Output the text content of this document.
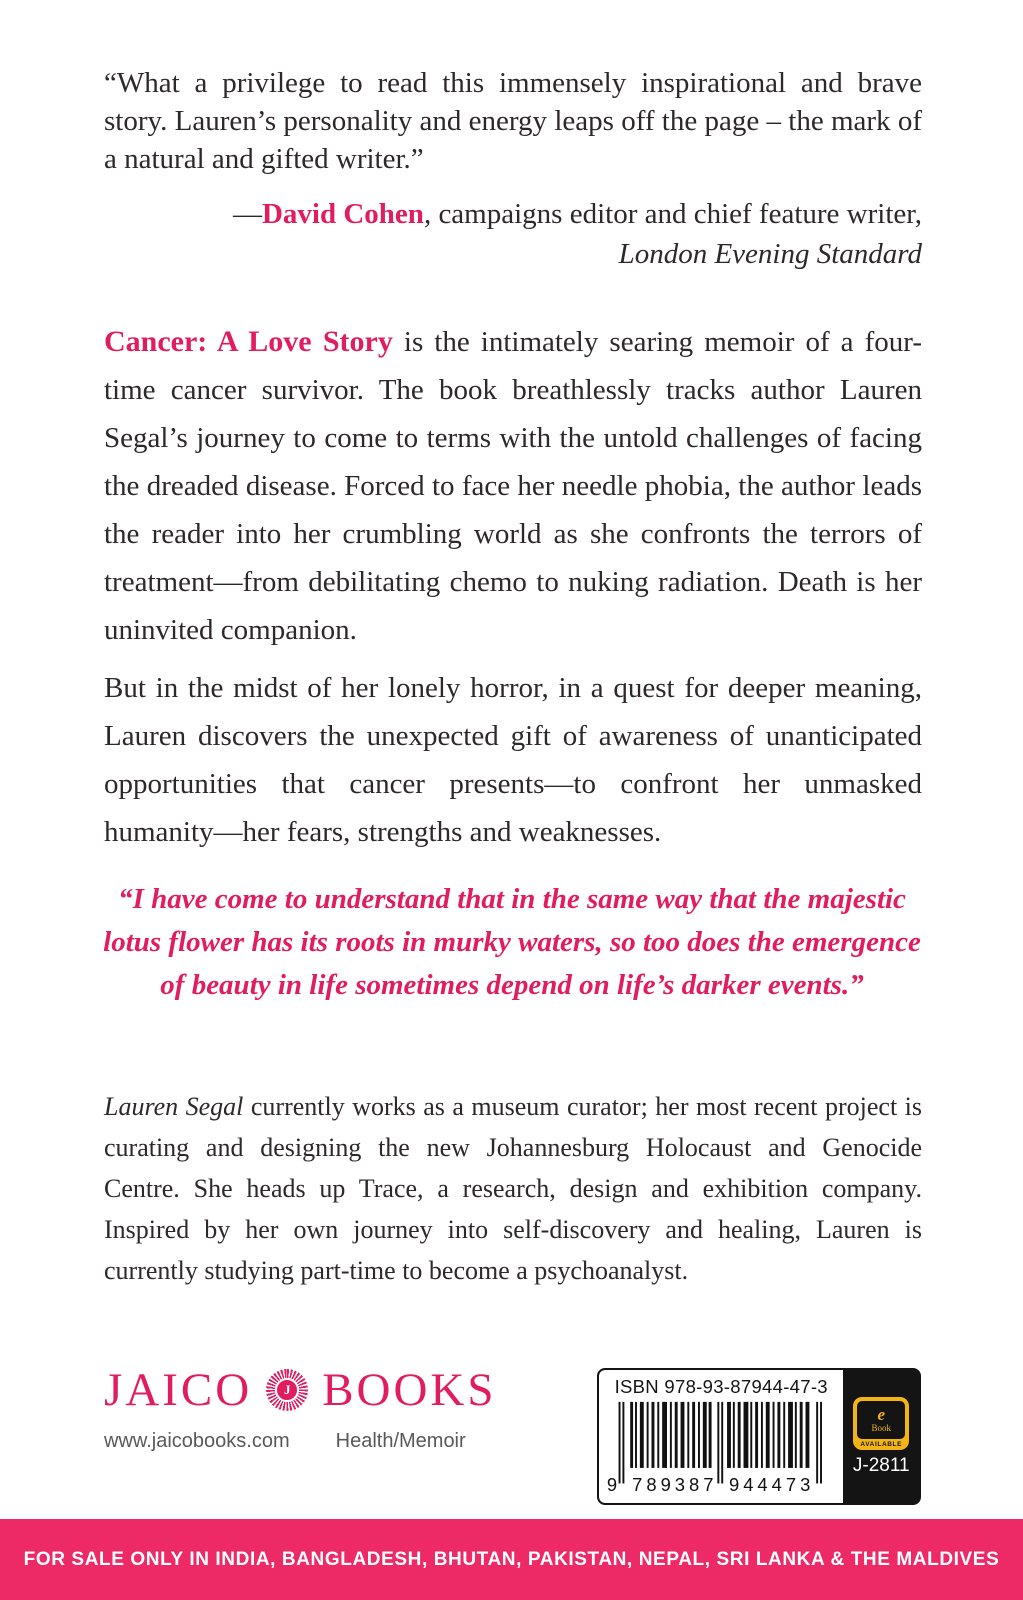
“What a privilege to read this immensely inspirational and brave story. Lauren’s personality and energy leaps off the page – the mark of a natural and gifted writer.”

—David Cohen, campaigns editor and chief feature writer,

London Evening Standard

Cancer: A Love Story is the intimately searing memoir of a four-time cancer survivor. The book breathlessly tracks author Lauren Segal’s journey to come to terms with the untold challenges of facing the dreaded disease. Forced to face her needle phobia, the author leads the reader into her crumbling world as she confronts the terrors of treatment—from debilitating chemo to nuking radiation. Death is her uninvited companion.

But in the midst of her lonely horror, in a quest for deeper meaning, Lauren discovers the unexpected gift of awareness of unanticipated opportunities that cancer presents—to confront her unmasked humanity—her fears, strengths and weaknesses.

“I have come to understand that in the same way that the majestic lotus flower has its roots in murky waters, so too does the emergence of beauty in life sometimes depend on life’s darker events.”

Lauren Segal currently works as a museum curator; her most recent project is curating and designing the new Johannesburg Holocaust and Genocide Centre. She heads up Trace, a research, design and exhibition company. Inspired by her own journey into self-discovery and healing, Lauren is currently studying part-time to become a psychoanalyst.

JAICO	J BOOKS
www.jaicobooks.com Health/Memoir
ISBN 978-93-87944-47-3
9 789387 944473
e
Book
AVAILABLE
J-2811
FOR SALE ONLY IN INDIA, BANGLADESH, BHUTAN, PAKISTAN, NEPAL, SRI LANKA & THE MALDIVES
